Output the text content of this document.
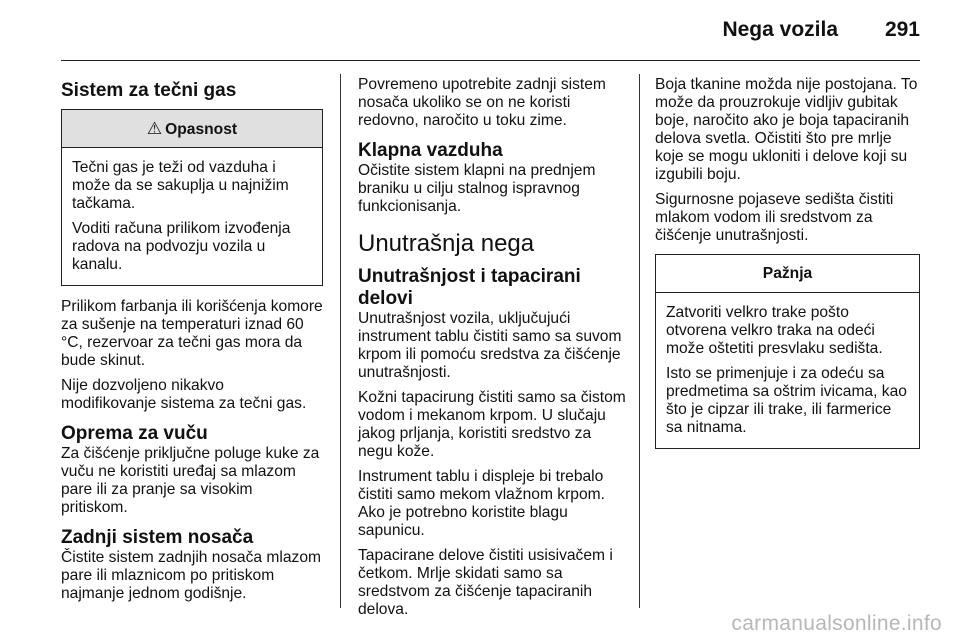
Nega vozila 291
Sistem za tečni gas
⚠ Opasnost

Tečni gas je teži od vazduha i može da se sakuplja u najnižim tačkama.

Voditi računa prilikom izvođenja radova na podvozju vozila u kanalu.

Prilikom farbanja ili korišćenja komore za sušenje na temperaturi iznad 60 °C, rezervoar za tečni gas mora da bude skinut.

Nije dozvoljeno nikakvo modifikovanje sistema za tečni gas.

Oprema za vuču

Za čišćenje priključne poluge kuke za vuču ne koristiti uređaj sa mlazom pare ili za pranje sa visokim pritiskom.

Zadnji sistem nosača

Čistite sistem zadnjih nosača mlazom pare ili mlaznicom po pritiskom najmanje jednom godišnje.

Povremeno upotrebite zadnji sistem nosača ukoliko se on ne koristi redovno, naročito u toku zime.

Klapna vazduha

Očistite sistem klapni na prednjem braniku u cilju stalnog ispravnog funkcionisanja.

Unutrašnja nega
Unutrašnjost i tapacirani delovi

Unutrašnjost vozila, uključujući instrument tablu čistiti samo sa suvom krpom ili pomoću sredstva za čišćenje unutrašnjosti.

Kožni tapacirung čistiti samo sa čistom vodom i mekanom krpom. U slučaju jakog prljanja, koristiti sredstvo za negu kože.

Instrument tablu i displeje bi trebalo čistiti samo mekom vlažnom krpom. Ako je potrebno koristite blagu sapunicu.

Tapacirane delove čistiti usisivačem i četkom. Mrlje skidati samo sa sredstvom za čišćenje tapaciranih delova.

Boja tkanine možda nije postojana. To može da prouzrokuje vidljiv gubitak boje, naročito ako je boja tapaciranih delova svetla. Očistiti što pre mrlje koje se mogu ukloniti i delove koji su izgubili boju.

Sigurnosne pojaseve sedišta čistiti mlakom vodom ili sredstvom za čišćenje unutrašnjosti.

Pažnja

Zatvoriti velkro trake pošto otvorena velkro traka na odeći može oštetiti presvlaku sedišta.

Isto se primenjuje i za odeću sa predmetima sa oštrim ivicama, kao što je cipzar ili trake, ili farmerice sa nitnama.

carmanualsonline.info
